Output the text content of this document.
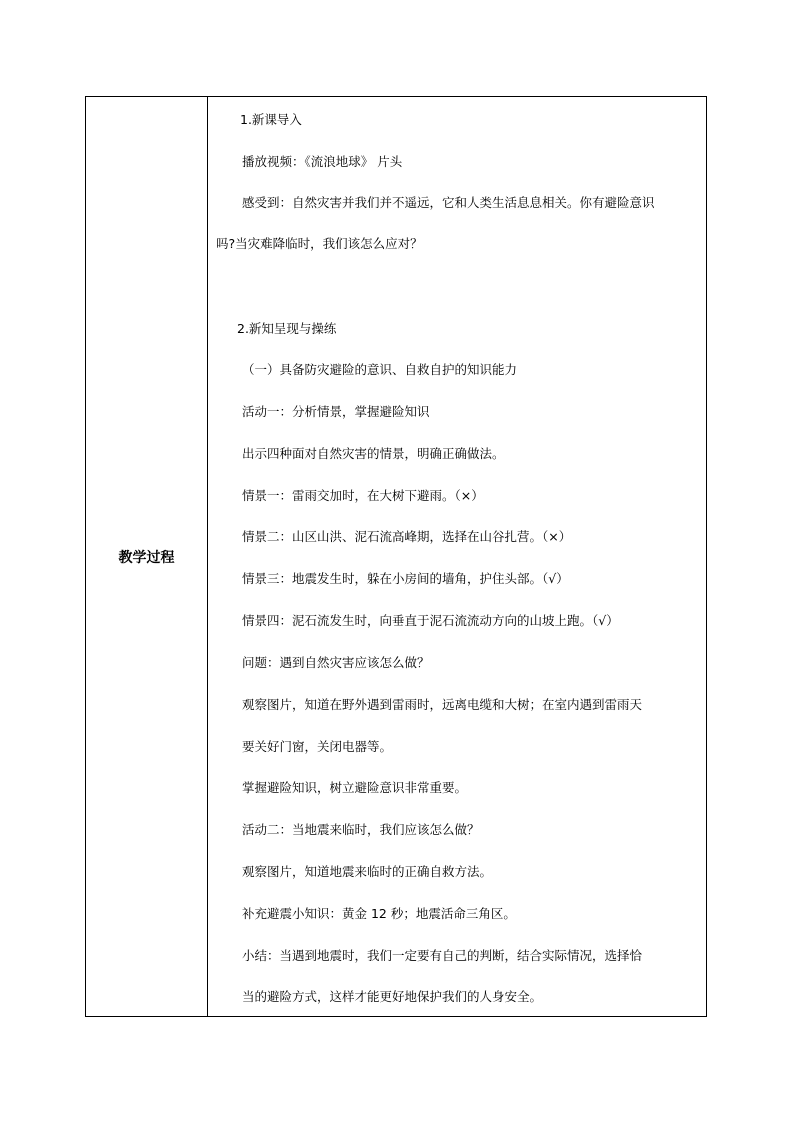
教学过程
1.新课导入
播放视频：《流浪地球》 片头
感受到：自然灾害并我们并不遥远，它和人类生活息息相关。你有避险意识
吗?当灾难降临时，我们该怎么应对？
2.新知呈现与操练
（一）具备防灾避险的意识、自救自护的知识能力
活动一：分析情景，掌握避险知识
出示四种面对自然灾害的情景，明确正确做法。
情景一：雷雨交加时，在大树下避雨。（×）
情景二：山区山洪、泥石流高峰期，选择在山谷扎营。（×）
情景三：地震发生时，躲在小房间的墙角，护住头部。（√）
情景四：泥石流发生时，向垂直于泥石流流动方向的山坡上跑。（√）
问题：遇到自然灾害应该怎么做？
观察图片，知道在野外遇到雷雨时，远离电缆和大树；在室内遇到雷雨天
要关好门窗，关闭电器等。
掌握避险知识，树立避险意识非常重要。
活动二：当地震来临时，我们应该怎么做？
观察图片，知道地震来临时的正确自救方法。
补充避震小知识：黄金 12 秒；地震活命三角区。
小结：当遇到地震时，我们一定要有自己的判断，结合实际情况，选择恰
当的避险方式，这样才能更好地保护我们的人身安全。
